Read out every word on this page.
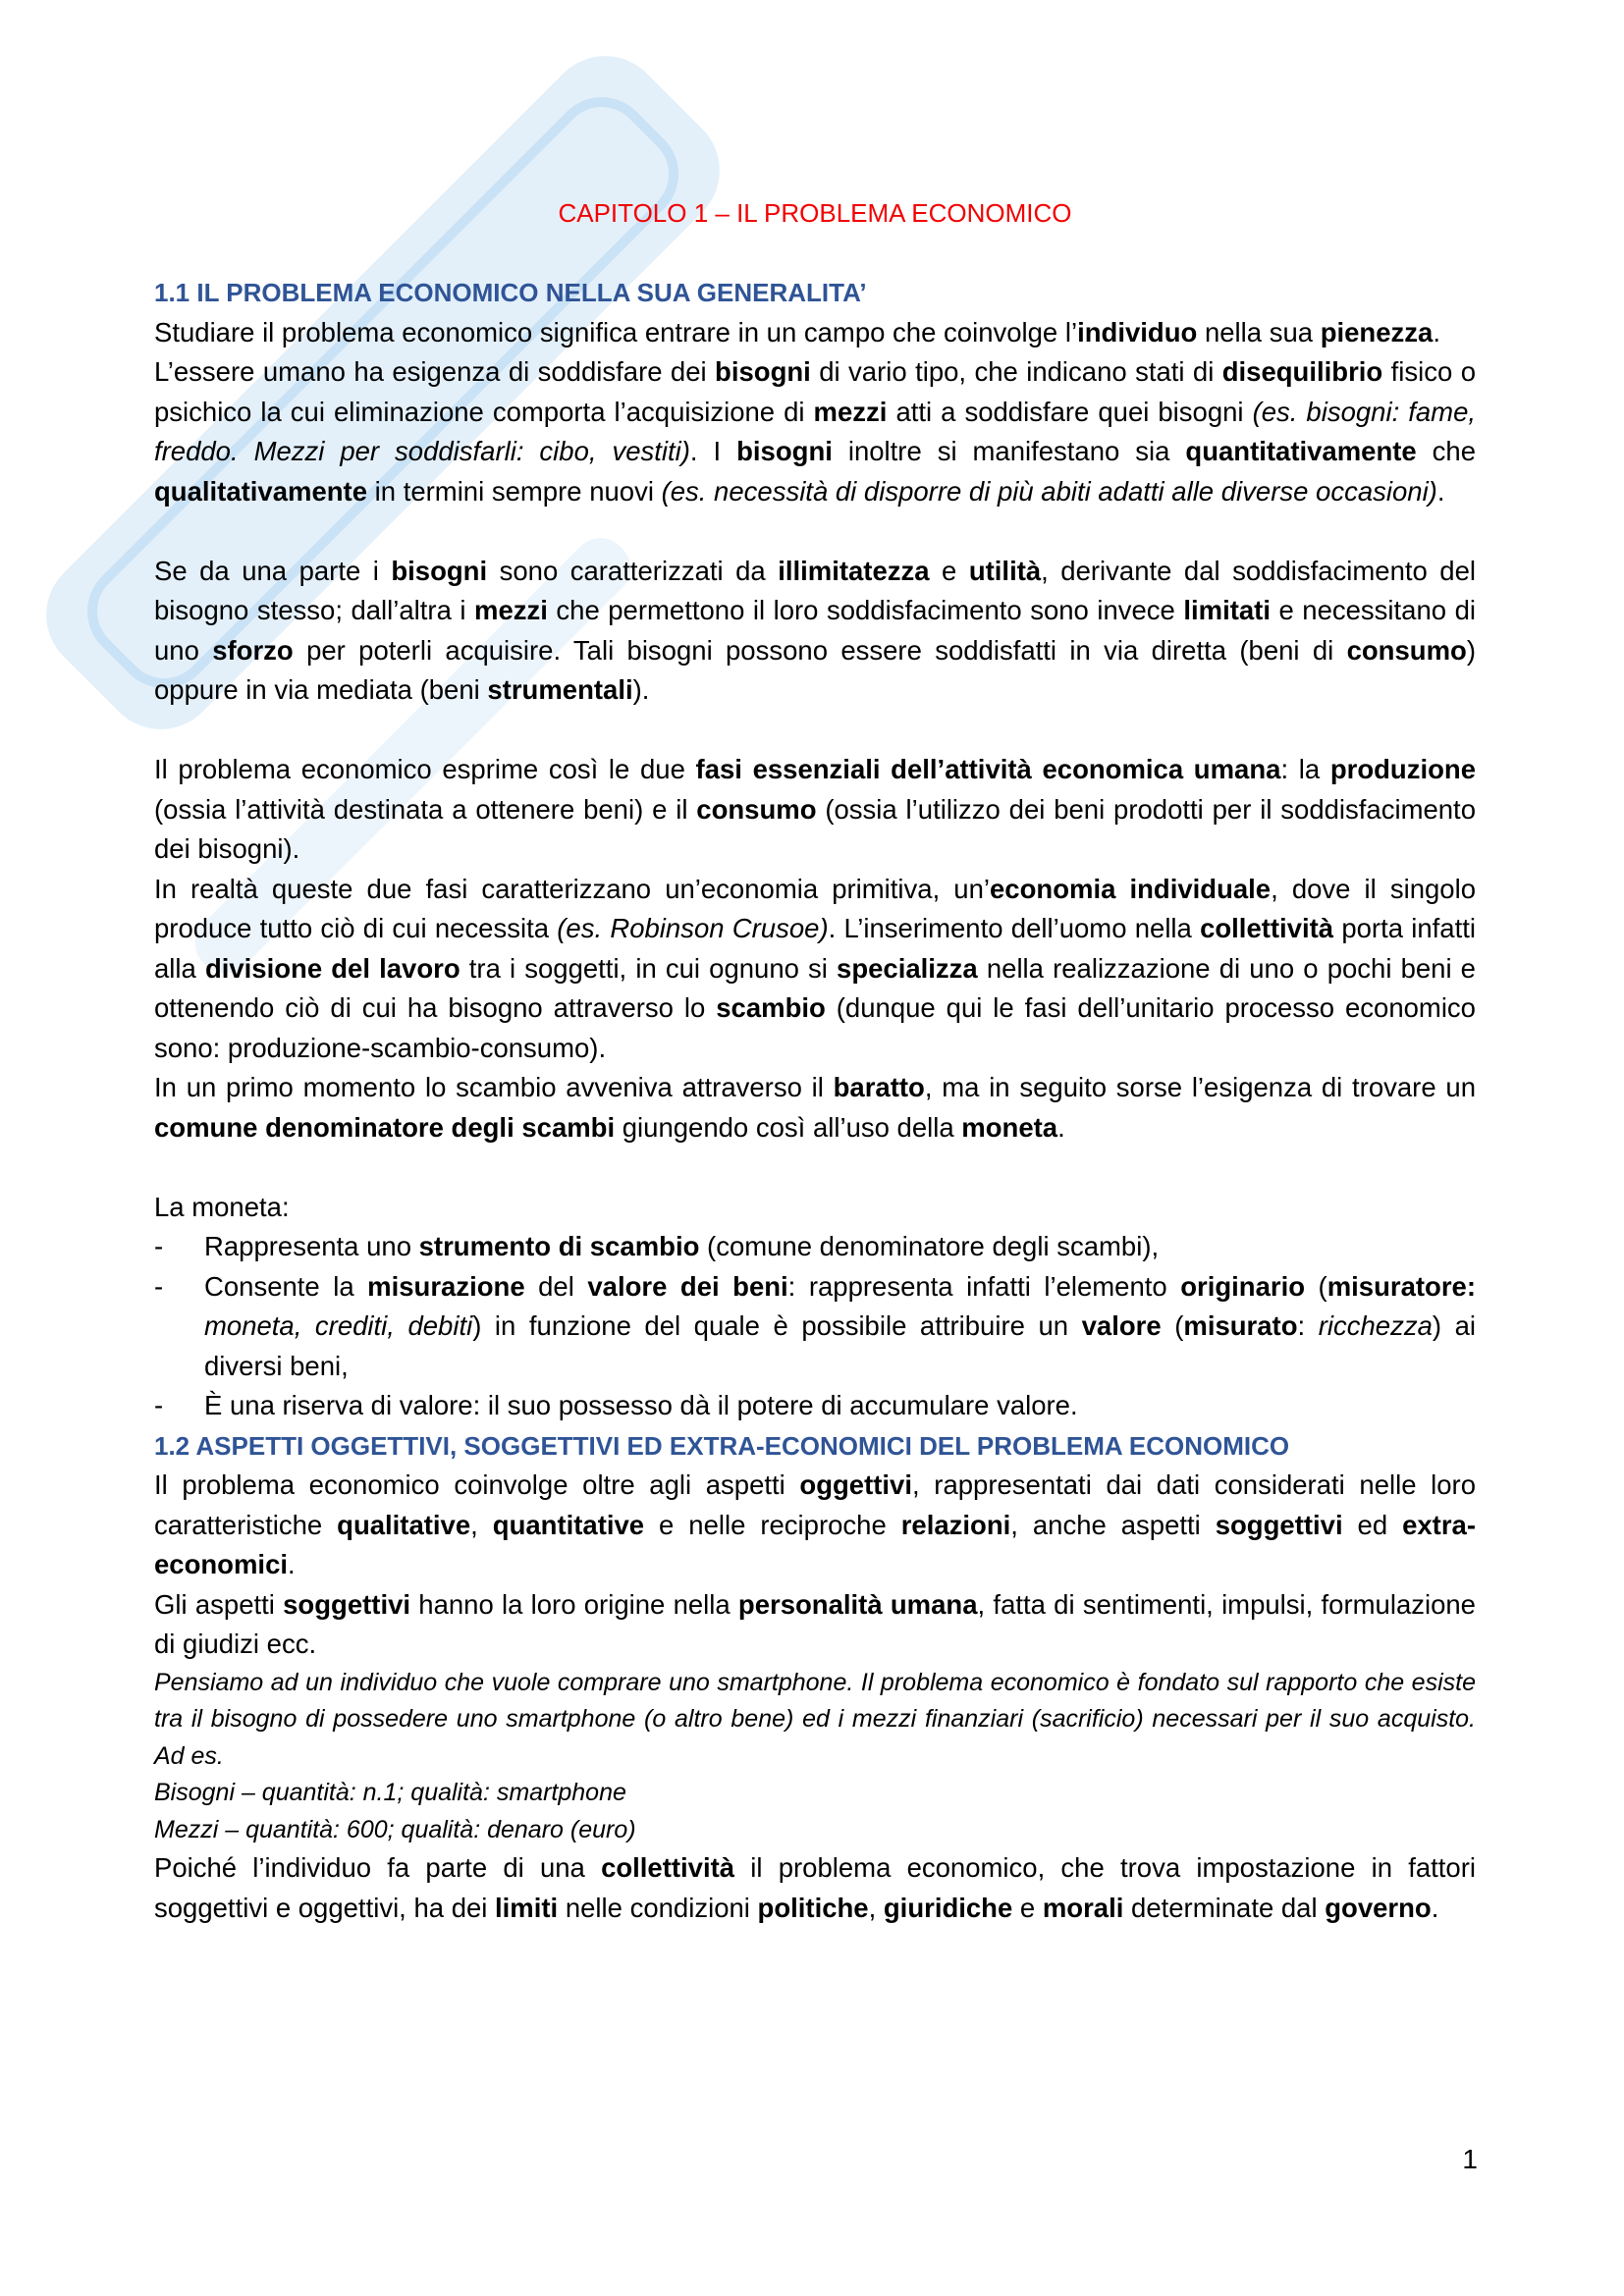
CAPITOLO 1 – IL PROBLEMA ECONOMICO
1.1 IL PROBLEMA ECONOMICO NELLA SUA GENERALITA’

Studiare il problema economico significa entrare in un campo che coinvolge l’individuo nella sua pienezza.

L’essere umano ha esigenza di soddisfare dei bisogni di vario tipo, che indicano stati di disequilibrio fisico o psichico la cui eliminazione comporta l’acquisizione di mezzi atti a soddisfare quei bisogni (es. bisogni: fame, freddo. Mezzi per soddisfarli: cibo, vestiti). I bisogni inoltre si manifestano sia quantitativamente che qualitativamente in termini sempre nuovi (es. necessità di disporre di più abiti adatti alle diverse occasioni).

Se da una parte i bisogni sono caratterizzati da illimitatezza e utilità, derivante dal soddisfacimento del bisogno stesso; dall’altra i mezzi che permettono il loro soddisfacimento sono invece limitati e necessitano di uno sforzo per poterli acquisire. Tali bisogni possono essere soddisfatti in via diretta (beni di consumo) oppure in via mediata (beni strumentali).

Il problema economico esprime così le due fasi essenziali dell’attività economica umana: la produzione (ossia l’attività destinata a ottenere beni) e il consumo (ossia l’utilizzo dei beni prodotti per il soddisfacimento dei bisogni).

In realtà queste due fasi caratterizzano un’economia primitiva, un’economia individuale, dove il singolo produce tutto ciò di cui necessita (es. Robinson Crusoe). L’inserimento dell’uomo nella collettività porta infatti alla divisione del lavoro tra i soggetti, in cui ognuno si specializza nella realizzazione di uno o pochi beni e ottenendo ciò di cui ha bisogno attraverso lo scambio (dunque qui le fasi dell’unitario processo economico sono: produzione-scambio-consumo).

In un primo momento lo scambio avveniva attraverso il baratto, ma in seguito sorse l’esigenza di trovare un comune denominatore degli scambi giungendo così all’uso della moneta.

La moneta:

- Rappresenta uno strumento di scambio (comune denominatore degli scambi),
- Consente la misurazione del valore dei beni: rappresenta infatti l’elemento originario (misuratore: moneta, crediti, debiti) in funzione del quale è possibile attribuire un valore (misurato: ricchezza) ai diversi beni,
- È una riserva di valore: il suo possesso dà il potere di accumulare valore.
1.2 ASPETTI OGGETTIVI, SOGGETTIVI ED EXTRA-ECONOMICI DEL PROBLEMA ECONOMICO

Il problema economico coinvolge oltre agli aspetti oggettivi, rappresentati dai dati considerati nelle loro caratteristiche qualitative, quantitative e nelle reciproche relazioni, anche aspetti soggettivi ed extra-economici.

Gli aspetti soggettivi hanno la loro origine nella personalità umana, fatta di sentimenti, impulsi, formulazione di giudizi ecc.

Pensiamo ad un individuo che vuole comprare uno smartphone. Il problema economico è fondato sul rapporto che esiste tra il bisogno di possedere uno smartphone (o altro bene) ed i mezzi finanziari (sacrificio) necessari per il suo acquisto. Ad es.

Bisogni – quantità: n.1; qualità: smartphone

Mezzi – quantità: 600; qualità: denaro (euro)

Poiché l’individuo fa parte di una collettività il problema economico, che trova impostazione in fattori soggettivi e oggettivi, ha dei limiti nelle condizioni politiche, giuridiche e morali determinate dal governo.

1
